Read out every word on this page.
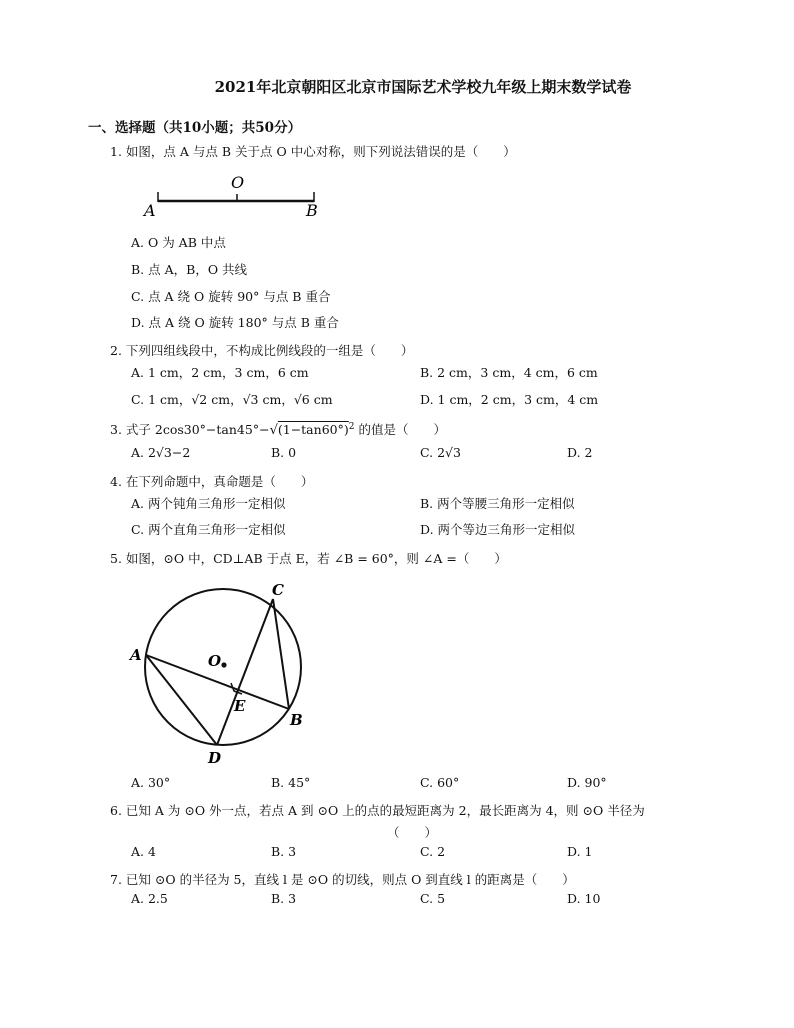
2021年北京朝阳区北京市国际艺术学校九年级上期末数学试卷
一、选择题（共10小题；共50分）
1. 如图，点 A 与点 B 关于点 O 中心对称，则下列说法错误的是（　　）
A
O
B
A. O 为 AB 中点
B. 点 A，B，O 共线
C. 点 A 绕 O 旋转 90° 与点 B 重合
D. 点 A 绕 O 旋转 180° 与点 B 重合
2. 下列四组线段中，不构成比例线段的一组是（　　）
A. 1 cm，2 cm，3 cm，6 cm	B. 2 cm，3 cm，4 cm，6 cm
C. 1 cm，√2 cm，√3 cm，√6 cm	D. 1 cm，2 cm，3 cm，4 cm
3. 式子 $2\cos 30^\circ-\tan 45^\circ-√(1-\tan 60^\circ)^2$ 的值是（　　）
A. 2√3−2	B. 0	C. 2√3	D. 2
4. 在下列命题中，真命题是（　　）
A. 两个钝角三角形一定相似	B. 两个等腰三角形一定相似
C. 两个直角三角形一定相似	D. 两个等边三角形一定相似
5. 如图，⊙O 中，CD⊥AB 于点 E，若 ∠B = 60°，则 ∠A =（　　）
C
A	O
E
B
D
A. 30°	B. 45°	C. 60°	D. 90°
6. 已知 A 为 ⊙O 外一点，若点 A 到 ⊙O 上的点的最短距离为 2，最长距离为 4，则 ⊙O 半径为
（　　）
A. 4	B. 3	C. 2	D. 1
7. 已知 ⊙O 的半径为 5，直线 l 是 ⊙O 的切线，则点 O 到直线 l 的距离是（　　）
A. 2.5	B. 3	C. 5	D. 10
